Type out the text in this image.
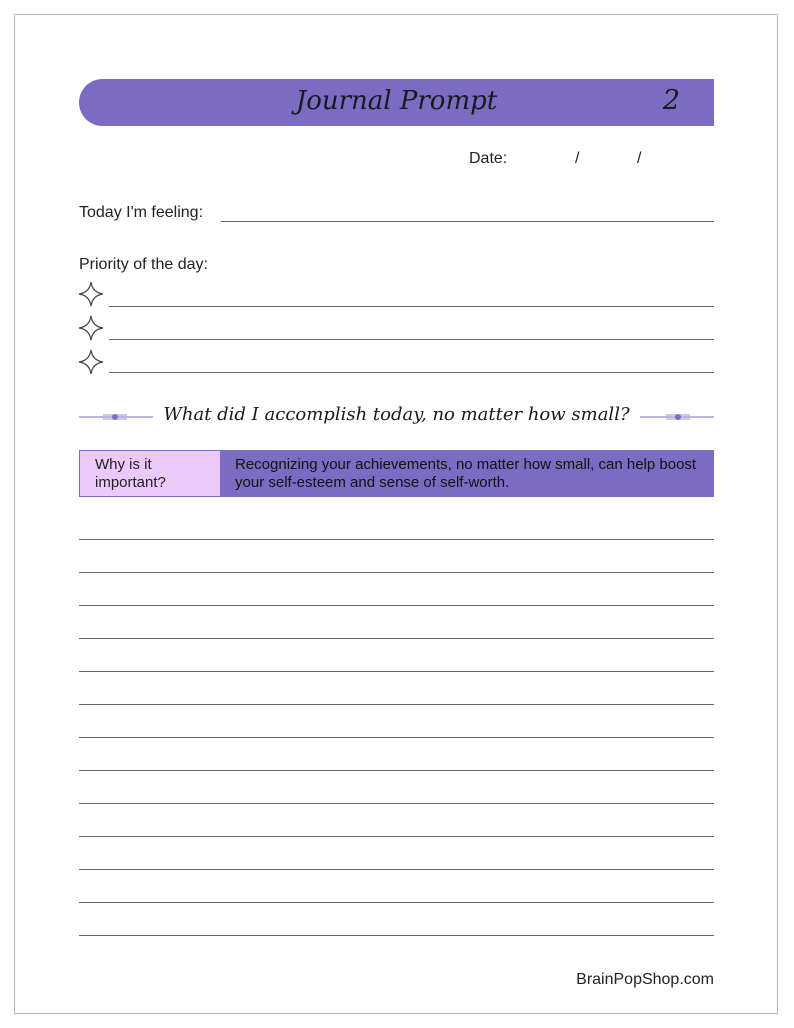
Journal Prompt	2
Date:	/	/
Today I'm feeling:
Priority of the day:
What did I accomplish today, no matter how small?
Why is it important?
Recognizing your achievements, no matter how small, can help boost your self-esteem and sense of self-worth.
BrainPopShop.com
